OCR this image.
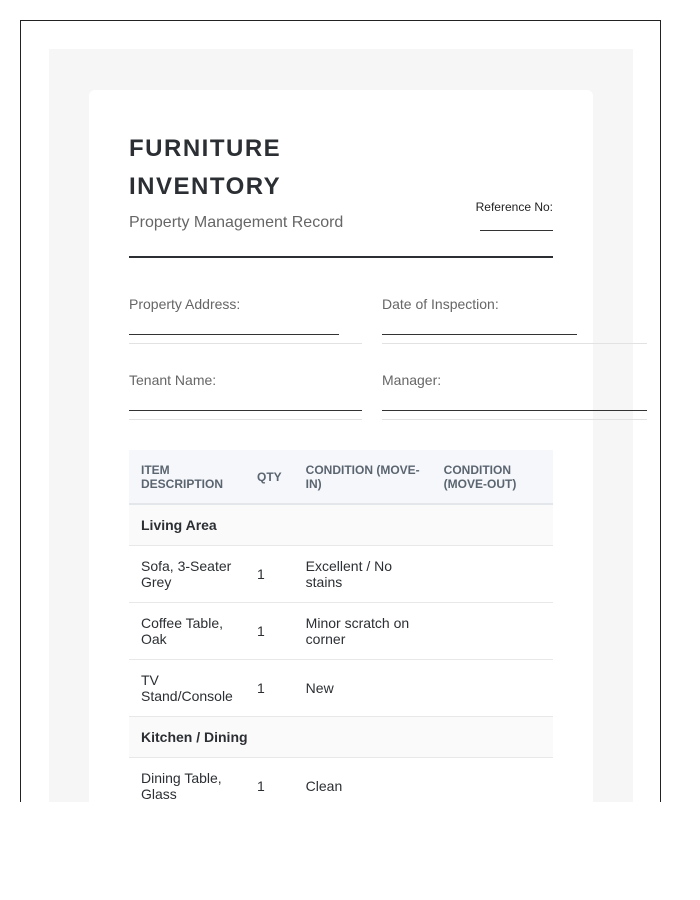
FURNITURE INVENTORY
Property Management Record
Reference No:
Property Address:	Date of Inspection:
Tenant Name:	Manager:
ITEM DESCRIPTION	QTY	CONDITION (MOVE-IN)	CONDITION (MOVE-OUT)
Living Area			
Sofa, 3-Seater Grey	1	Excellent / No stains	
Coffee Table, Oak	1	Minor scratch on corner	
TV Stand/Console	1	New	
Kitchen / Dining			
Dining Table, Glass	1	Clean	
